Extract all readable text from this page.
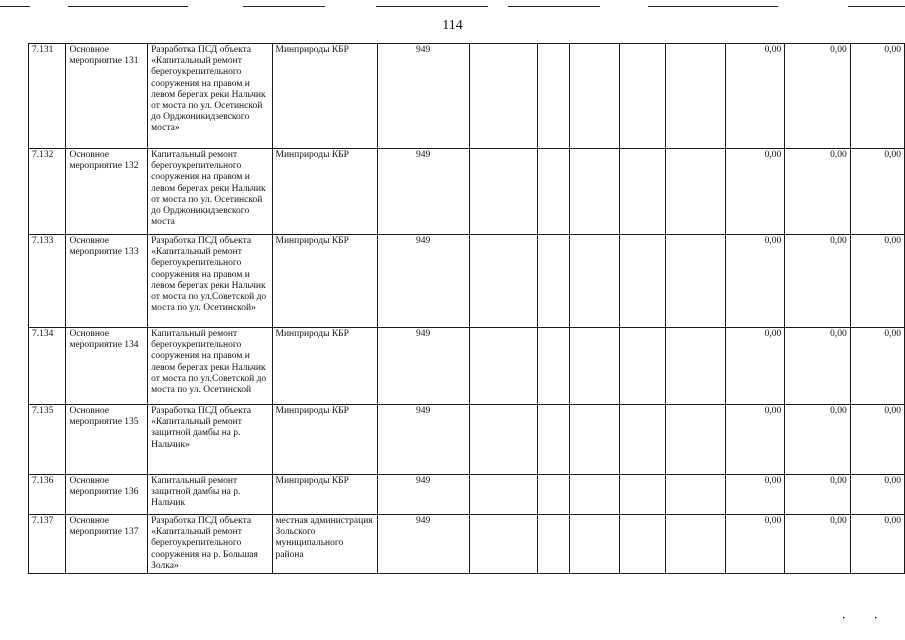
114
7.131	Основное мероприятие 131	Разработка ПСД объекта «Капитальный ремонт берегоукрепительного сооружения на правом и левом берегах реки Нальчик от моста по ул. Осетинской до Орджоникидзевского моста»	Минприроды КБР	949						0,00	0,00	0,00
7.132	Основное мероприятие 132	Капитальный ремонт берегоукрепительного сооружения на правом и левом берегах реки Нальчик от моста по ул. Осетинской до Орджоникидзевского моста	Минприроды КБР	949						0,00	0,00	0,00
7.133	Основное мероприятие 133	Разработка ПСД объекта «Капитальный ремонт берегоукрепительного сооружения на правом и левом берегах реки Нальчик от моста по ул.Советской до моста по ул. Осетинской»	Минприроды КБР	949						0,00	0,00	0,00
7.134	Основное мероприятие 134	Капитальный ремонт берегоукрепительного сооружения на правом и левом берегах реки Нальчик от моста по ул.Советской до моста по ул. Осетинской	Минприроды КБР	949						0,00	0,00	0,00
7.135	Основное мероприятие 135	Разработка ПСД объекта «Капитальный ремонт защитной дамбы на р. Нальчик»	Минприроды КБР	949						0,00	0,00	0,00
7.136	Основное мероприятие 136	Капитальный ремонт защитной дамбы на р. Нальчик	Минприроды КБР	949						0,00	0,00	0,00
7.137	Основное мероприятие 137	Разработка ПСД объекта «Капитальный ремонт берегоукрепительного сооружения на р. Большая Золка»	местная администрация Зольского муниципального района	949						0,00	0,00	0,00
·	·
